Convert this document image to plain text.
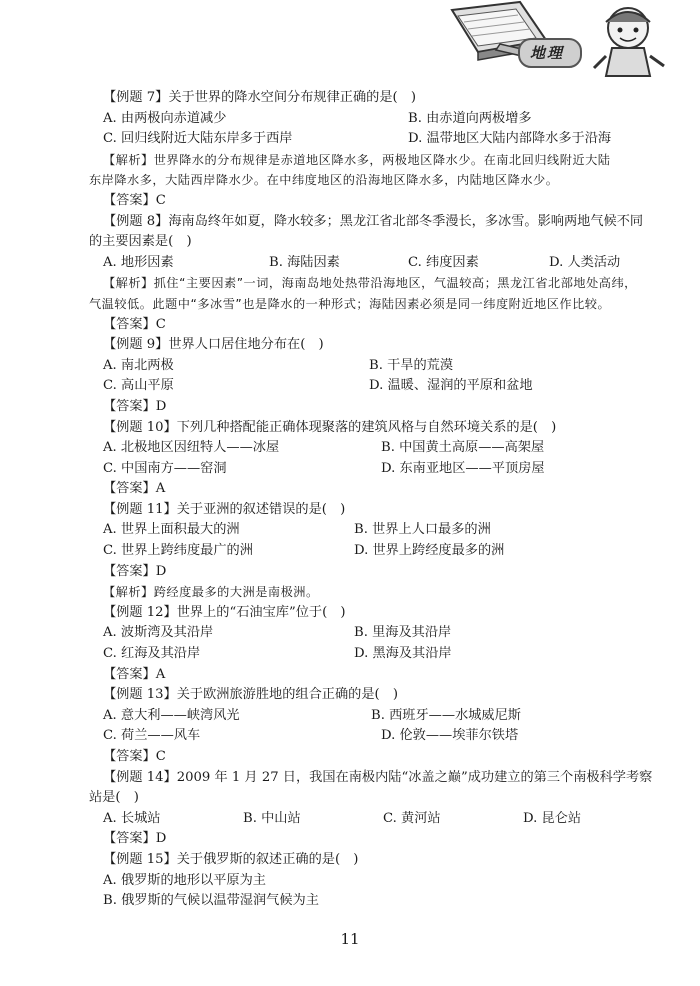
地理
【例题 7】关于世界的降水空间分布规律正确的是(　)
A. 由两极向赤道减少	B. 由赤道向两极增多
C. 回归线附近大陆东岸多于西岸	D. 温带地区大陆内部降水多于沿海
【解析】世界降水的分布规律是赤道地区降水多，两极地区降水少。在南北回归线附近大陆
东岸降水多，大陆西岸降水少。在中纬度地区的沿海地区降水多，内陆地区降水少。
【答案】C
【例题 8】海南岛终年如夏，降水较多；黑龙江省北部冬季漫长，多冰雪。影响两地气候不同
的主要因素是(　)
A. 地形因素	B. 海陆因素	C. 纬度因素	D. 人类活动
【解析】抓住“主要因素”一词，海南岛地处热带沿海地区，气温较高；黑龙江省北部地处高纬，
气温较低。此题中“多冰雪”也是降水的一种形式；海陆因素必须是同一纬度附近地区作比较。
【答案】C
【例题 9】世界人口居住地分布在(　)
A. 南北两极	B. 干旱的荒漠
C. 高山平原	D. 温暖、湿润的平原和盆地
【答案】D
【例题 10】下列几种搭配能正确体现聚落的建筑风格与自然环境关系的是(　)
A. 北极地区因纽特人——冰屋	B. 中国黄土高原——高架屋
C. 中国南方——窑洞	D. 东南亚地区——平顶房屋
【答案】A
【例题 11】关于亚洲的叙述错误的是(　)
A. 世界上面积最大的洲	B. 世界上人口最多的洲
C. 世界上跨纬度最广的洲	D. 世界上跨经度最多的洲
【答案】D
【解析】跨经度最多的大洲是南极洲。
【例题 12】世界上的“石油宝库”位于(　)
A. 波斯湾及其沿岸	B. 里海及其沿岸
C. 红海及其沿岸	D. 黑海及其沿岸
【答案】A
【例题 13】关于欧洲旅游胜地的组合正确的是(　)
A. 意大利——峡湾风光	B. 西班牙——水城威尼斯
C. 荷兰——风车	D. 伦敦——埃菲尔铁塔
【答案】C
【例题 14】2009 年 1 月 27 日，我国在南极内陆“冰盖之巅”成功建立的第三个南极科学考察
站是(　)
A. 长城站	B. 中山站	C. 黄河站	D. 昆仑站
【答案】D
【例题 15】关于俄罗斯的叙述正确的是(　)
A. 俄罗斯的地形以平原为主
B. 俄罗斯的气候以温带湿润气候为主
11
